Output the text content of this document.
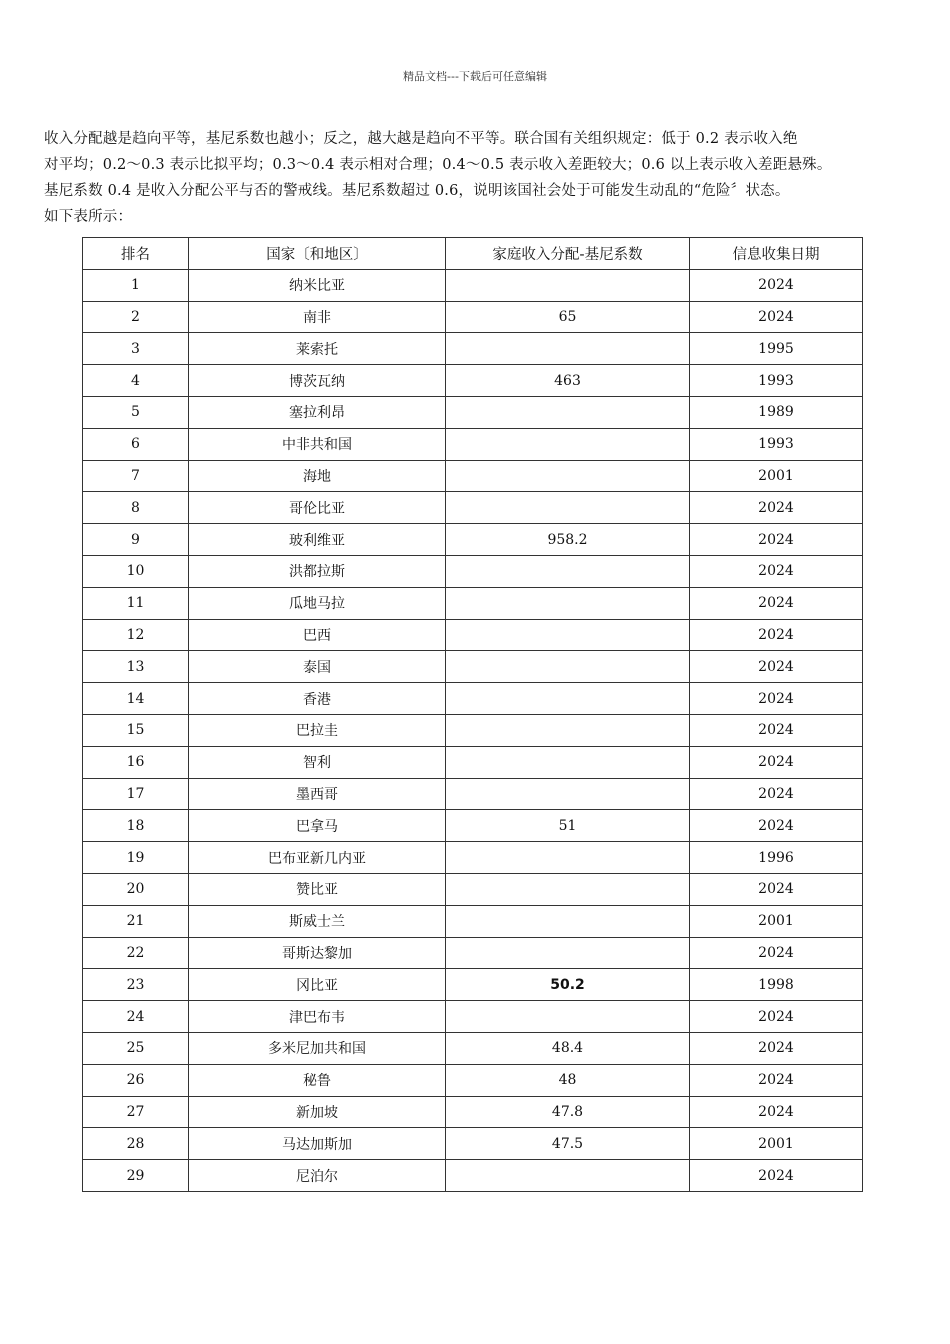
精品文档---下载后可任意编辑

收入分配越是趋向平等，基尼系数也越小；反之，越大越是趋向不平等。联合国有关组织规定：低于 0.2 表示收入绝

对平均；0.2～0.3 表示比拟平均；0.3～0.4 表示相对合理；0.4～0.5 表示收入差距较大；0.6 以上表示收入差距悬殊。

基尼系数 0.4 是收入分配公平与否的警戒线。基尼系数超过 0.6，说明该国社会处于可能发生动乱的“危险〞状态。

如下表所示：

排名	国家〔和地区〕	家庭收入分配-基尼系数	信息收集日期
1	纳米比亚		2024
2	南非	65	2024
3	莱索托		1995
4	博茨瓦纳	463	1993
5	塞拉利昂		1989
6	中非共和国		1993
7	海地		2001
8	哥伦比亚		2024
9	玻利维亚	958.2	2024
10	洪都拉斯		2024
11	瓜地马拉		2024
12	巴西		2024
13	泰国		2024
14	香港		2024
15	巴拉圭		2024
16	智利		2024
17	墨西哥		2024
18	巴拿马	51	2024
19	巴布亚新几内亚		1996
20	赞比亚		2024
21	斯威士兰		2001
22	哥斯达黎加		2024
23	冈比亚	50.2	1998
24	津巴布韦		2024
25	多米尼加共和国	48.4	2024
26	秘鲁	48	2024
27	新加坡	47.8	2024
28	马达加斯加	47.5	2001
29	尼泊尔		2024
